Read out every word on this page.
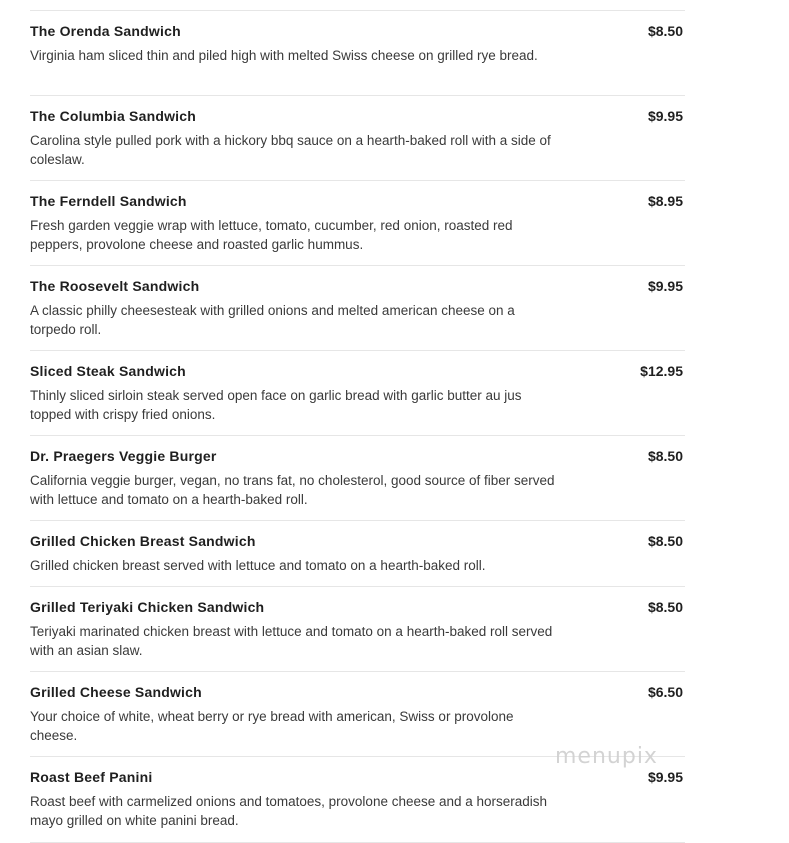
The Orenda Sandwich	$8.50
Virginia ham sliced thin and piled high with melted Swiss cheese on grilled rye bread.
The Columbia Sandwich	$9.95
Carolina style pulled pork with a hickory bbq sauce on a hearth-baked roll with a side of coleslaw.
The Ferndell Sandwich	$8.95
Fresh garden veggie wrap with lettuce, tomato, cucumber, red onion, roasted red peppers, provolone cheese and roasted garlic hummus.
The Roosevelt Sandwich	$9.95
A classic philly cheesesteak with grilled onions and melted american cheese on a torpedo roll.
Sliced Steak Sandwich	$12.95
Thinly sliced sirloin steak served open face on garlic bread with garlic butter au jus topped with crispy fried onions.
Dr. Praegers Veggie Burger	$8.50
California veggie burger, vegan, no trans fat, no cholesterol, good source of fiber served with lettuce and tomato on a hearth-baked roll.
Grilled Chicken Breast Sandwich	$8.50
Grilled chicken breast served with lettuce and tomato on a hearth-baked roll.
Grilled Teriyaki Chicken Sandwich	$8.50
Teriyaki marinated chicken breast with lettuce and tomato on a hearth-baked roll served with an asian slaw.
Grilled Cheese Sandwich	$6.50
Your choice of white, wheat berry or rye bread with american, Swiss or provolone cheese.
Roast Beef Panini	$9.95
Roast beef with carmelized onions and tomatoes, provolone cheese and a horseradish mayo grilled on white panini bread.
menupix
